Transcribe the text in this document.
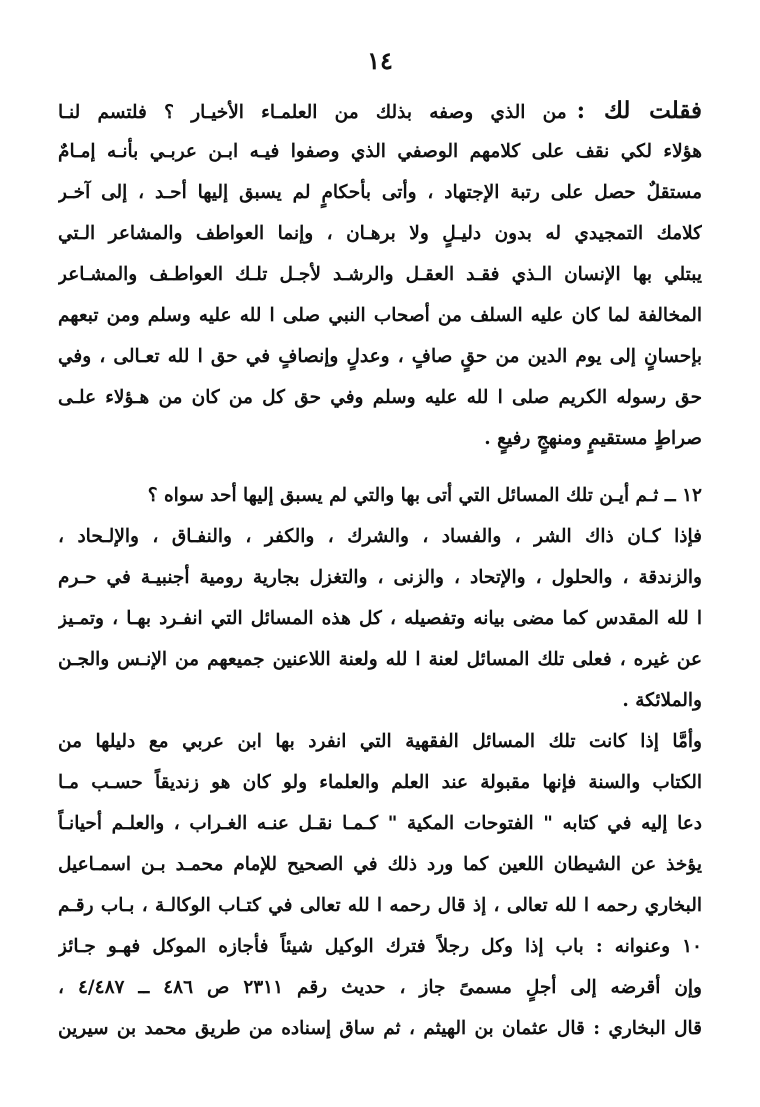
١٤
فقلت لك :من الذي وصفه بذلك من العلمـاء الأخيـار ؟ فلتسم لنـا
هؤلاء لكي نقف على كلامهم الوصفي الذي وصفوا فيـه ابـن عربـي بأنـه إمـامٌ
مستقلٌ حصل على رتبة الإجتهاد ، وأتى بأحكامٍ لم يسبق إليها أحـد ، إلى آخـر
كلامك التمجيدي له بدون دليـلٍ ولا برهـان ، وإنما العواطف والمشاعر الـتي
يبتلي بها الإنسان الـذي فقـد العقـل والرشـد لأجـل تلـك العواطـف والمشـاعر
المخالفة لما كان عليه السلف من أصحاب النبي صلى ا لله عليه وسلم ومن تبعهم
بإحسانٍ إلى يوم الدين من حقٍ صافٍ ، وعدلٍ وإنصافٍ في حق ا لله تعـالى ، وفي
حق رسوله الكريم صلى ا لله عليه وسلم وفي حق كل من كان من هـؤلاء علـى
صراطٍ مستقيمٍ ومنهجٍ رفيعٍ .
١٢ ــ ثـم أيـن تلك المسائل التي أتى بها والتي لم يسبق إليها أحد سواه ؟
فإذا كـان ذاك الشر ، والفساد ، والشرك ، والكفر ، والنفـاق ، والإلـحاد ،
والزندقة ، والحلول ، والإتحاد ، والزنى ، والتغزل بجارية رومية أجنبيـة في حـرم
ا لله المقدس كما مضى بيانه وتفصيله ، كل هذه المسائل التي انفـرد بهـا ، وتمـيز
عن غيره ، فعلى تلك المسائل لعنة ا لله ولعنة اللاعنين جميعهم من الإنـس والجـن
والملائكة .
وأمَّا إذا كانت تلك المسائل الفقهية التي انفرد بها ابن عربي مع دليلها من
الكتاب والسنة فإنها مقبولة عند العلم والعلماء ولو كان هو زنديقاً حسـب مـا
دعا إليه في كتابه " الفتوحات المكية " كـمـا نقـل عنـه الغـراب ، والعلـم أحيانـاً
يؤخذ عن الشيطان اللعين كما ورد ذلك في الصحيح للإمام محمـد بـن اسمـاعيل
البخاري رحمه ا لله تعالى ، إذ قال رحمه ا لله تعالى في كتـاب الوكالـة ، بـاب رقـم
١٠ وعنوانه : باب إذا وكل رجلاً فترك الوكيل شيئاً فأجازه الموكل فهـو جـائز
وإن أقرضه إلى أجلٍ مسمىً جاز ، حديث رقم ٢٣١١ ص ٤٨٦ ــ ٤/٤٨٧ ،
قال البخاري : قال عثمان بن الهيثم ، ثم ساق إسناده من طريق محمد بن سيرين
